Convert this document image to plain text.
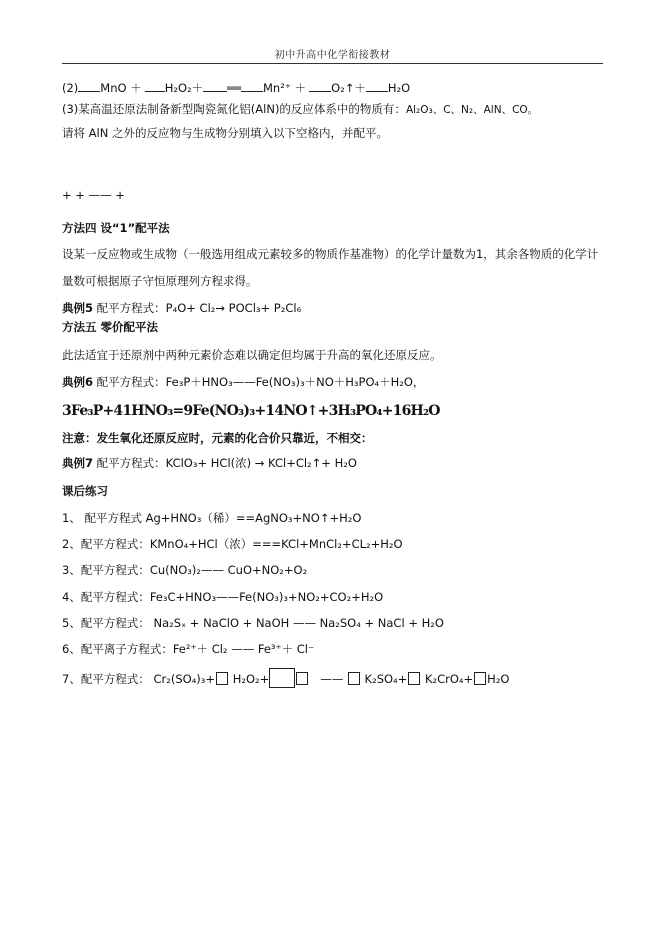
初中升高中化学衔接教材
(2) MnO ＋ H₂O₂＋ ══ Mn²⁺ ＋ O₂↑＋ H₂O
(3)某高温还原法制备新型陶瓷氮化铝(AlN)的反应体系中的物质有：Al₂O₃、C、N₂、AlN、CO。
请将 AlN 之外的反应物与生成物分别填入以下空格内，并配平。
+ + —— +
方法四 设“1”配平法
设某一反应物或生成物（一般选用组成元素较多的物质作基准物）的化学计量数为1，其余各物质的化学计
量数可根据原子守恒原理列方程求得。
典例5 配平方程式：P₄O+ Cl₂→ POCl₃+ P₂Cl₆
方法五 零价配平法
此法适宜于还原剂中两种元素价态难以确定但均属于升高的氧化还原反应。
典例6 配平方程式：Fe₃P＋HNO₃——Fe(NO₃)₃＋NO＋H₃PO₄＋H₂O，
3Fe₃P+41HNO₃=9Fe(NO₃)₃+14NO↑+3H₃PO₄+16H₂O
注意：发生氧化还原反应时，元素的化合价只靠近，不相交：
典例7 配平方程式：KClO₃+ HCl(浓) → KCl+Cl₂↑+ H₂O
课后练习
1、 配平方程式 Ag+HNO₃（稀）==AgNO₃+NO↑+H₂O
2、配平方程式：KMnO₄+HCl（浓）===KCl+MnCl₂+CL₂+H₂O
3、配平方程式：Cu(NO₃)₂—— CuO+NO₂+O₂
4、配平方程式：Fe₃C+HNO₃——Fe(NO₃)₃+NO₂+CO₂+H₂O
5、配平方程式： Na₂Sₓ + NaClO + NaOH —— Na₂SO₄ + NaCl + H₂O
6、配平离子方程式：Fe²⁺＋ Cl₂ —— Fe³⁺＋ Cl⁻
7、配平方程式： Cr₂(SO₄)₃+ H₂O₂+	—— K₂SO₄+ K₂CrO₄+ H₂O
